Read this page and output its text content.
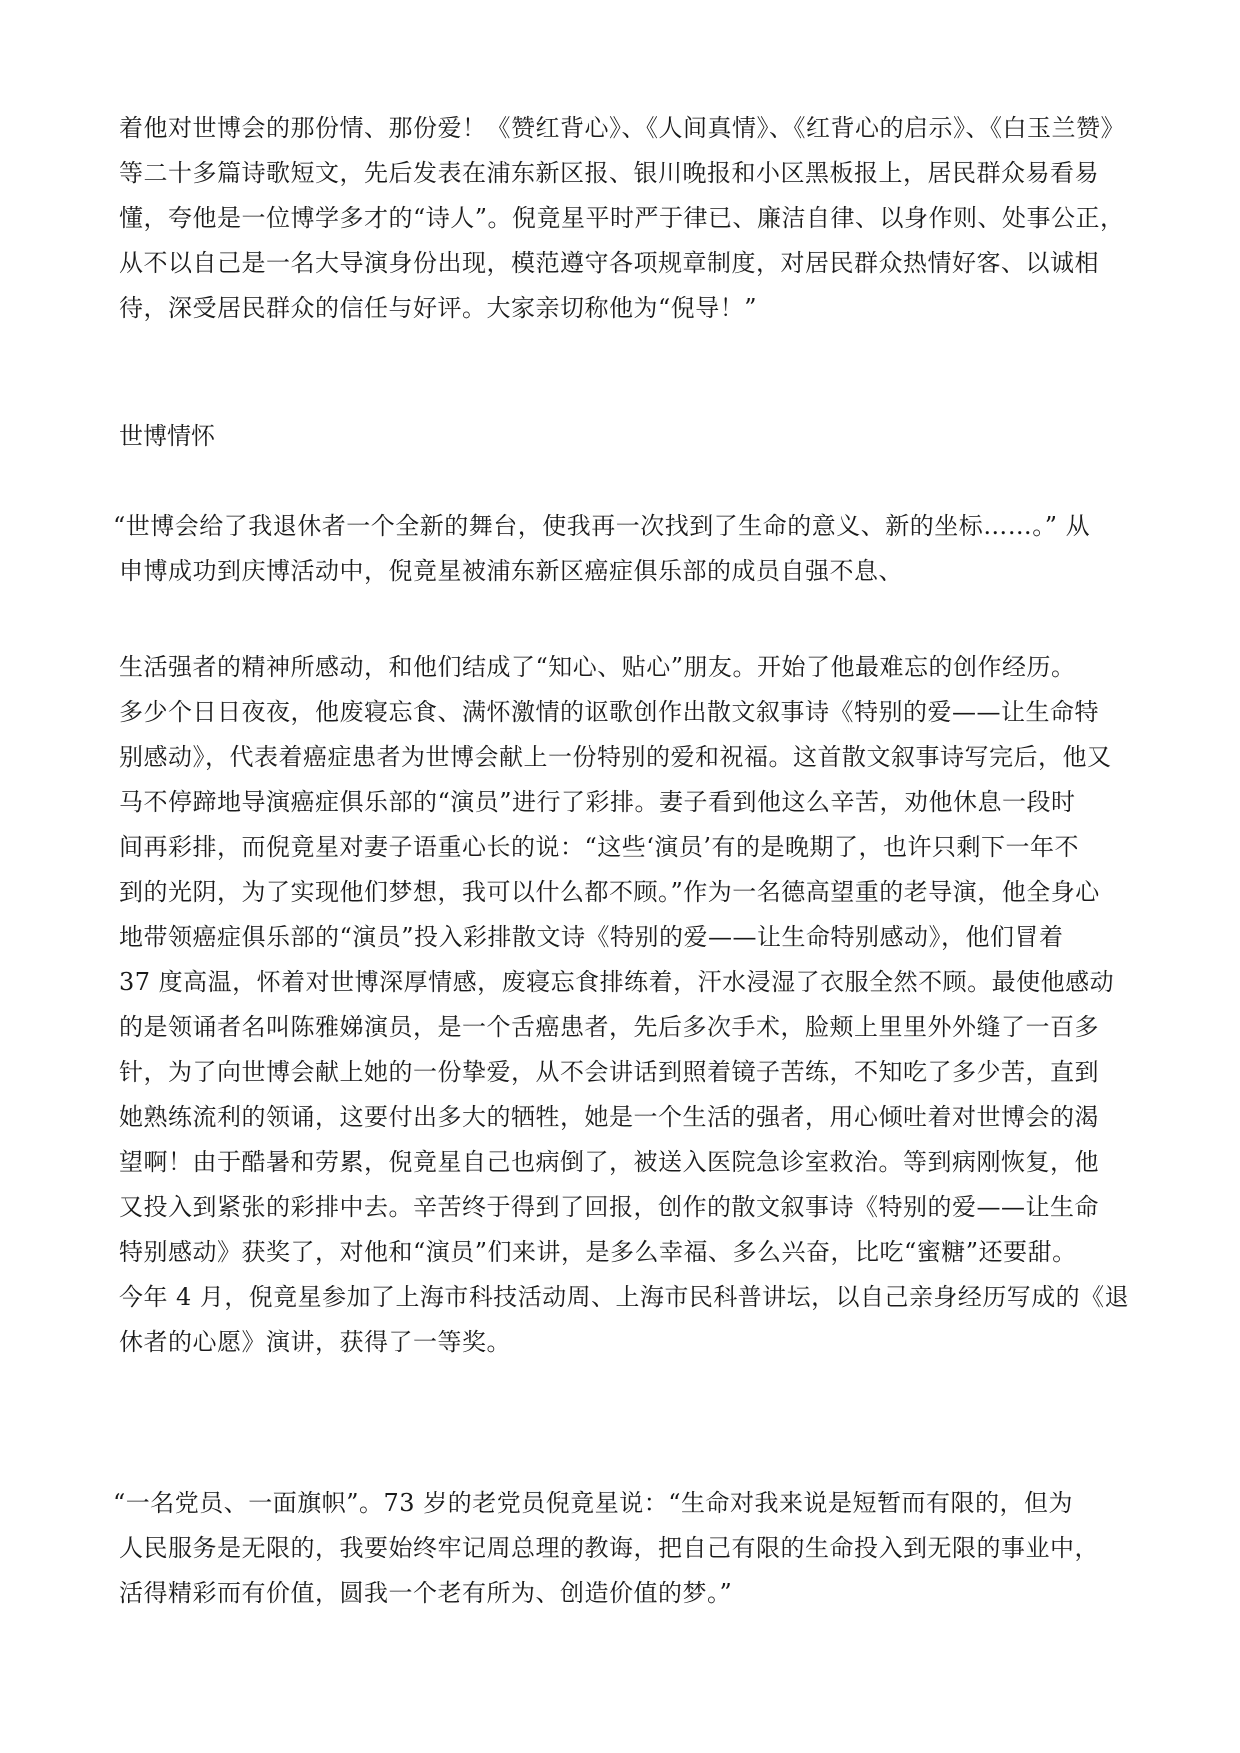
着他对世博会的那份情、那份爱！《赞红背心》、《人间真情》、《红背心的启示》、《白玉兰赞》
等二十多篇诗歌短文，先后发表在浦东新区报、银川晚报和小区黑板报上，居民群众易看易
懂，夸他是一位博学多才的“诗人”。倪竟星平时严于律已、廉洁自律、以身作则、处事公正，
从不以自己是一名大导演身份出现，模范遵守各项规章制度，对居民群众热情好客、以诚相
待，深受居民群众的信任与好评。大家亲切称他为“倪导！”
世博情怀
“世博会给了我退休者一个全新的舞台，使我再一次找到了生命的意义、新的坐标……。” 从
申博成功到庆博活动中，倪竟星被浦东新区癌症俱乐部的成员自强不息、
生活强者的精神所感动，和他们结成了“知心、贴心”朋友。开始了他最难忘的创作经历。
多少个日日夜夜，他废寝忘食、满怀激情的讴歌创作出散文叙事诗《特别的爱——让生命特
别感动》，代表着癌症患者为世博会献上一份特别的爱和祝福。这首散文叙事诗写完后，他又
马不停蹄地导演癌症俱乐部的“演员”进行了彩排。妻子看到他这么辛苦，劝他休息一段时
间再彩排，而倪竟星对妻子语重心长的说：“这些‘演员’有的是晚期了，也许只剩下一年不
到的光阴，为了实现他们梦想，我可以什么都不顾。”作为一名德高望重的老导演，他全身心
地带领癌症俱乐部的“演员”投入彩排散文诗《特别的爱——让生命特别感动》，他们冒着
37 度高温，怀着对世博深厚情感，废寝忘食排练着，汗水浸湿了衣服全然不顾。最使他感动
的是领诵者名叫陈雅娣演员，是一个舌癌患者，先后多次手术，脸颊上里里外外缝了一百多
针，为了向世博会献上她的一份挚爱，从不会讲话到照着镜子苦练，不知吃了多少苦，直到
她熟练流利的领诵，这要付出多大的牺牲，她是一个生活的强者，用心倾吐着对世博会的渴
望啊！由于酷暑和劳累，倪竟星自己也病倒了，被送入医院急诊室救治。等到病刚恢复，他
又投入到紧张的彩排中去。辛苦终于得到了回报，创作的散文叙事诗《特别的爱——让生命
特别感动》获奖了，对他和“演员”们来讲，是多么幸福、多么兴奋，比吃“蜜糖”还要甜。
今年 4 月，倪竟星参加了上海市科技活动周、上海市民科普讲坛，以自己亲身经历写成的《退
休者的心愿》演讲，获得了一等奖。
“一名党员、一面旗帜”。73 岁的老党员倪竟星说：“生命对我来说是短暂而有限的，但为
人民服务是无限的，我要始终牢记周总理的教诲，把自己有限的生命投入到无限的事业中，
活得精彩而有价值，圆我一个老有所为、创造价值的梦。”
